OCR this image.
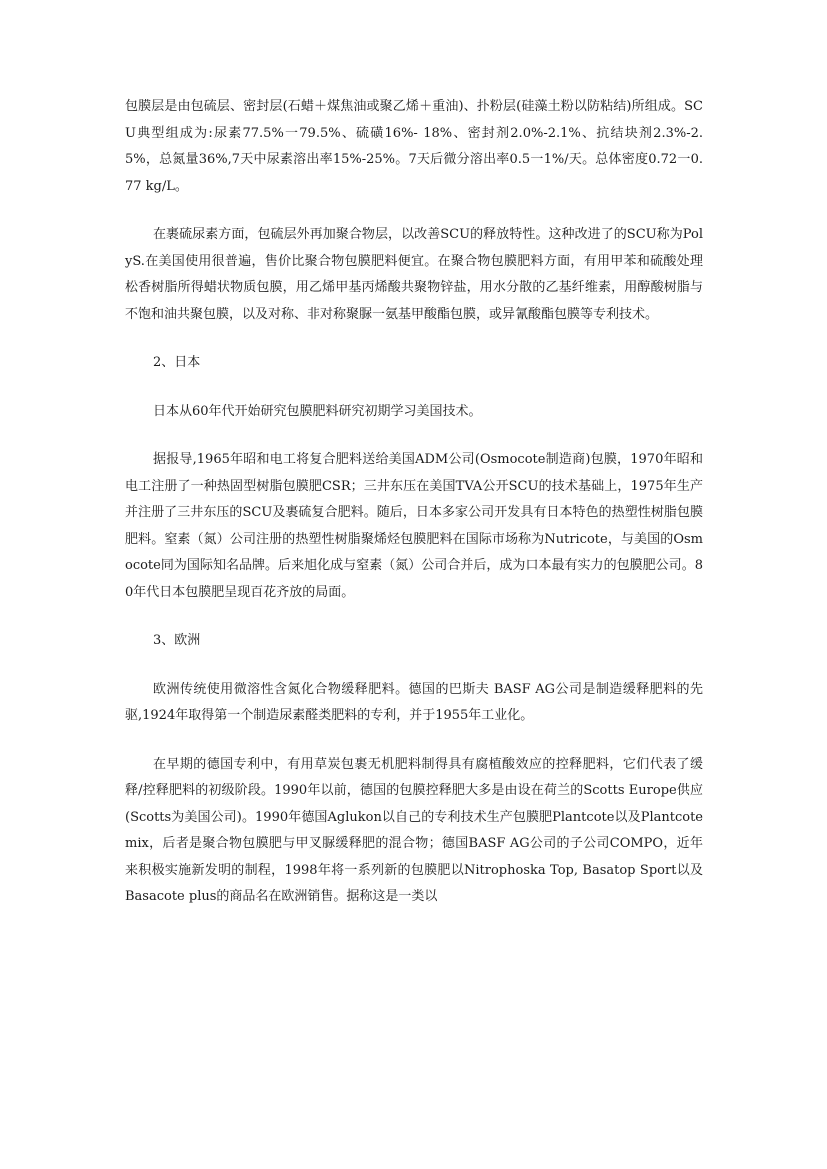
包膜层是由包硫层、密封层(石蜡＋煤焦油或聚乙烯＋重油)、扑粉层(硅藻土粉以防粘结)所组成。SCU典型组成为:尿素77.5%一79.5%、硫磺16%- 18%、密封剂2.0%-2.1%、抗结块剂2.3%-2.5%，总氮量36%,7天中尿素溶出率15%-25%。7天后微分溶出率0.5一1%/天。总体密度0.72一0.77 kg/L。

在裹硫尿素方面，包硫层外再加聚合物层，以改善SCU的释放特性。这种改进了的SCU称为PolyS.在美国使用很普遍，售价比聚合物包膜肥料便宜。在聚合物包膜肥料方面，有用甲苯和硫酸处理松香树脂所得蜡状物质包膜，用乙烯甲基丙烯酸共聚物锌盐，用水分散的乙基纤维素，用醇酸树脂与不饱和油共聚包膜，以及对称、非对称聚脲一氨基甲酸酯包膜，或异氰酸酯包膜等专利技术。

2、日本

日本从60年代开始研究包膜肥料研究初期学习美国技术。

据报导,1965年昭和电工将复合肥料送给美国ADM公司(Osmocote制造商)包膜，1970年昭和电工注册了一种热固型树脂包膜肥CSR；三井东压在美国TVA公开SCU的技术基础上，1975年生产并注册了三井东压的SCU及裹硫复合肥料。随后，日本多家公司开发具有日本特色的热塑性树脂包膜肥料。窒素（氮）公司注册的热塑性树脂聚烯烃包膜肥料在国际市场称为Nutricote，与美国的Osmocote同为国际知名品牌。后来旭化成与窒素（氮）公司合并后，成为口本最有实力的包膜肥公司。80年代日本包膜肥呈现百花齐放的局面。

3、欧洲

欧洲传统使用微溶性含氮化合物缓释肥料。德国的巴斯夫 BASF AG公司是制造缓释肥料的先驱,1924年取得第一个制造尿素醛类肥料的专利，并于1955年工业化。

在早期的德国专利中，有用草炭包裹无机肥料制得具有腐植酸效应的控释肥料，它们代表了缓释/控释肥料的初级阶段。1990年以前，德国的包膜控释肥大多是由设在荷兰的Scotts Europe供应(Scotts为美国公司)。1990年德国Aglukon以自己的专利技术生产包膜肥Plantcote以及Plantcote mix，后者是聚合物包膜肥与甲叉脲缓释肥的混合物；德国BASF AG公司的子公司COMPO，近年来积极实施新发明的制程，1998年将一系列新的包膜肥以Nitrophoska Top, Basatop Sport以及Basacote plus的商品名在欧洲销售。据称这是一类以
